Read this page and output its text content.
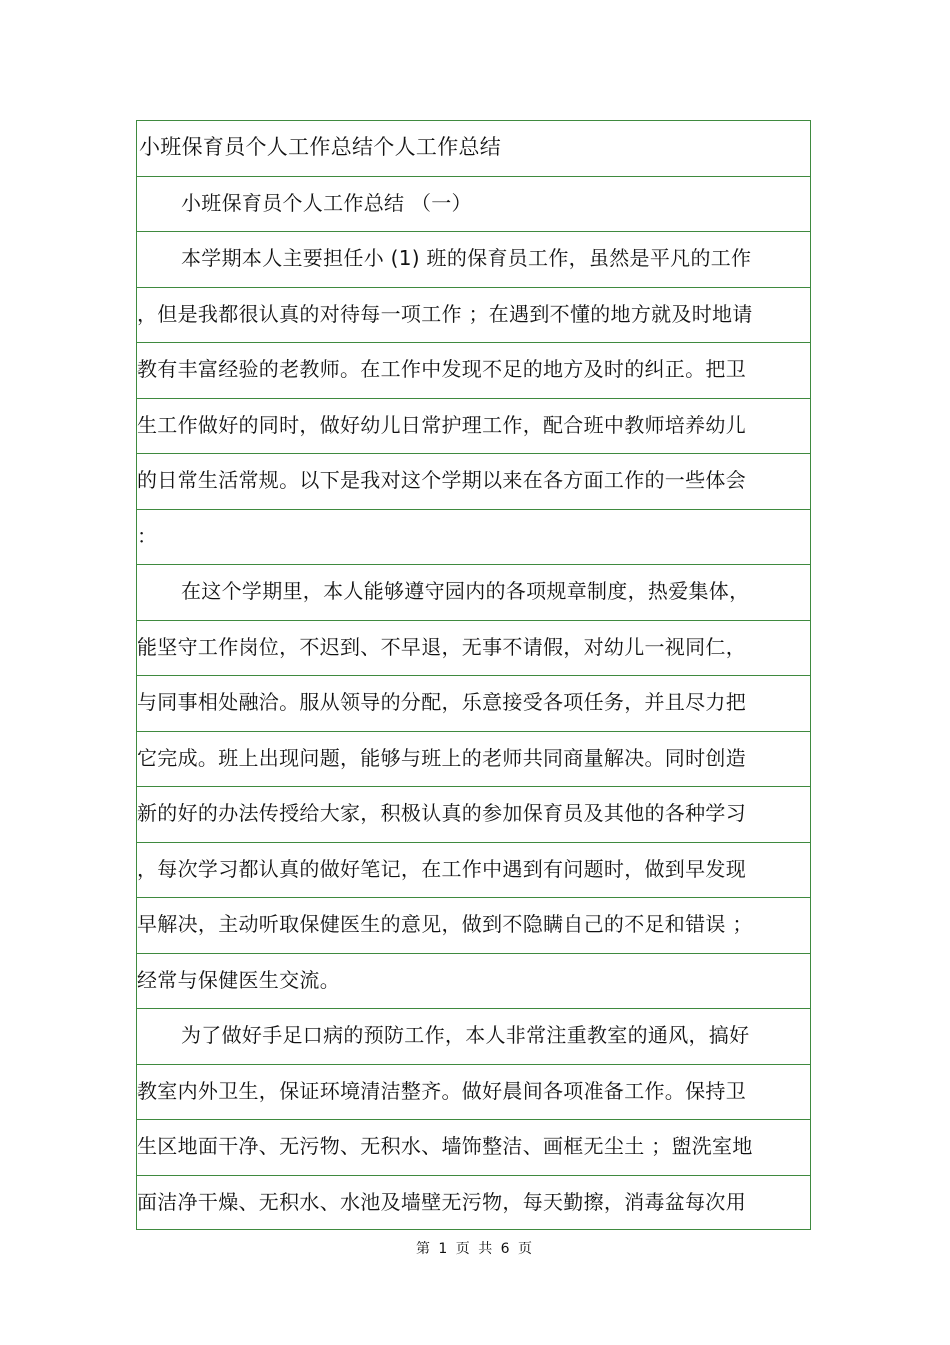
小班保育员个人工作总结个人工作总结
小班保育员个人工作总结 （一）
本学期本人主要担任小 (1) 班的保育员工作，虽然是平凡的工作
，但是我都很认真的对待每一项工作 ；在遇到不懂的地方就及时地请
教有丰富经验的老教师。在工作中发现不足的地方及时的纠正。把卫
生工作做好的同时，做好幼儿日常护理工作，配合班中教师培养幼儿
的日常生活常规。以下是我对这个学期以来在各方面工作的一些体会
：
在这个学期里，本人能够遵守园内的各项规章制度，热爱集体，
能坚守工作岗位，不迟到、不早退，无事不请假，对幼儿一视同仁，
与同事相处融洽。服从领导的分配，乐意接受各项任务，并且尽力把
它完成。班上出现问题，能够与班上的老师共同商量解决。同时创造
新的好的办法传授给大家，积极认真的参加保育员及其他的各种学习
，每次学习都认真的做好笔记，在工作中遇到有问题时，做到早发现
早解决，主动听取保健医生的意见，做到不隐瞒自己的不足和错误 ；
经常与保健医生交流。
为了做好手足口病的预防工作，本人非常注重教室的通风，搞好
教室内外卫生，保证环境清洁整齐。做好晨间各项准备工作。保持卫
生区地面干净、无污物、无积水、墙饰整洁、画框无尘土 ；盥洗室地
面洁净干燥、无积水、水池及墙壁无污物，每天勤擦，消毒盆每次用
第 1 页 共 6 页
